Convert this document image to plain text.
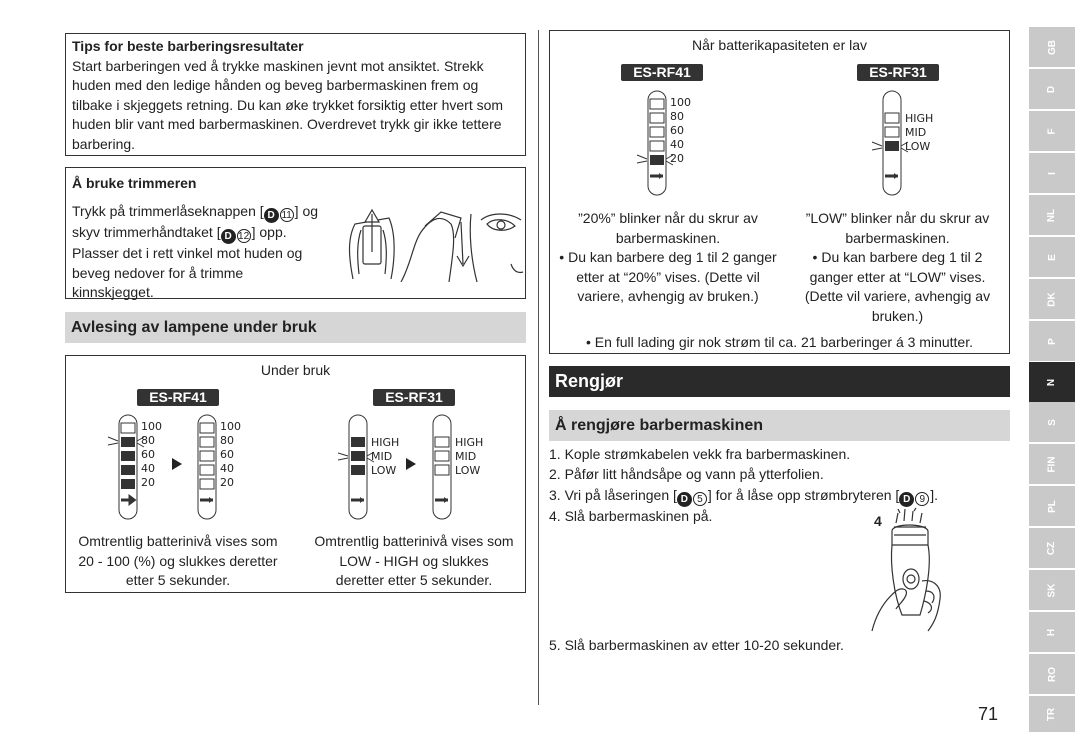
Tips for beste barberingsresultater
Start barberingen ved å trykke maskinen jevnt mot ansiktet. Strekk huden med den ledige hånden og beveg barbermaskinen frem og tilbake i skjeggets retning. Du kan øke trykket forsiktig etter hvert som huden blir vant med barbermaskinen. Overdrevet trykk gir ikke tettere barbering.
Å bruke trimmeren
Trykk på trimmerlåseknappen [ D 11 ] og skyv trimmerhåndtaket [ D 12 ] opp. Plasser det i rett vinkel mot huden og beveg nedover for å trimme kinnskjegget.
Avlesing av lampene under bruk
Under bruk
ES-RF41	ES-RF31
100
80
60
40
20
100
80
60
40
20
HIGH
MID
LOW
HIGH
MID
LOW
Omtrentlig batterinivå vises som 20 - 100 (%) og slukkes deretter etter 5 sekunder.
Omtrentlig batterinivå vises som LOW - HIGH og slukkes deretter etter 5 sekunder.
Når batterikapasiteten er lav
ES-RF41	ES-RF31
100
80
60
40
20
HIGH
MID
LOW
”20%” blinker når du skrur av barbermaskinen.
• Du kan barbere deg 1 til 2 ganger etter at “20%” vises. (Dette vil variere, avhengig av bruken.)
”LOW” blinker når du skrur av barbermaskinen.
• Du kan barbere deg 1 til 2 ganger etter at “LOW” vises. (Dette vil variere, avhengig av bruken.)
• En full lading gir nok strøm til ca. 21 barberinger á 3 minutter.
Rengjør
Å rengjøre barbermaskinen
1. Kople strømkabelen vekk fra barbermaskinen.
2. Påfør litt håndsåpe og vann på ytterfolien.
3. Vri på låseringen [ D 5 ] for å låse opp strømbryteren [ D 9 ].
4. Slå barbermaskinen på.
5. Slå barbermaskinen av etter 10-20 sekunder.
4
71
GB
D
F
I
NL
E
DK
P
N
S
FIN
PL
CZ
SK
H
RO
TR
